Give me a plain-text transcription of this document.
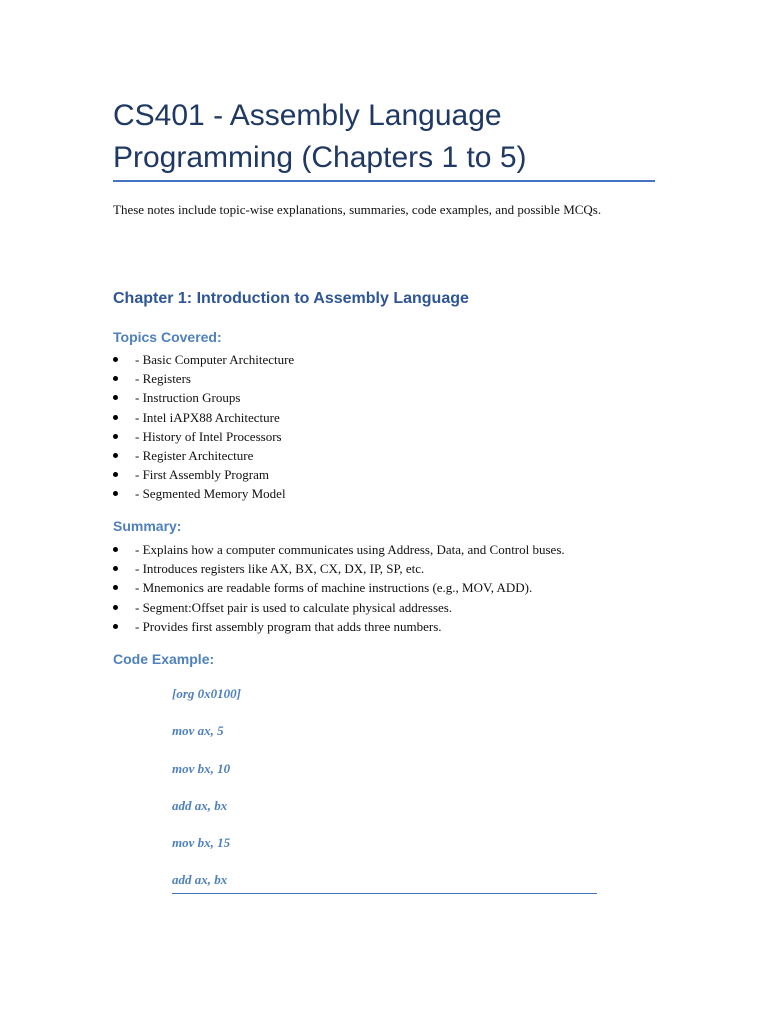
CS401 - Assembly Language Programming (Chapters 1 to 5)

These notes include topic-wise explanations, summaries, code examples, and possible MCQs.

Chapter 1: Introduction to Assembly Language
Topics Covered:
- Basic Computer Architecture
- Registers
- Instruction Groups
- Intel iAPX88 Architecture
- History of Intel Processors
- Register Architecture
- First Assembly Program
- Segmented Memory Model
Summary:
- Explains how a computer communicates using Address, Data, and Control buses.
- Introduces registers like AX, BX, CX, DX, IP, SP, etc.
- Mnemonics are readable forms of machine instructions (e.g., MOV, ADD).
- Segment:Offset pair is used to calculate physical addresses.
- Provides first assembly program that adds three numbers.
Code Example:
[org 0x0100]
mov ax, 5
mov bx, 10
add ax, bx
mov bx, 15
add ax, bx
